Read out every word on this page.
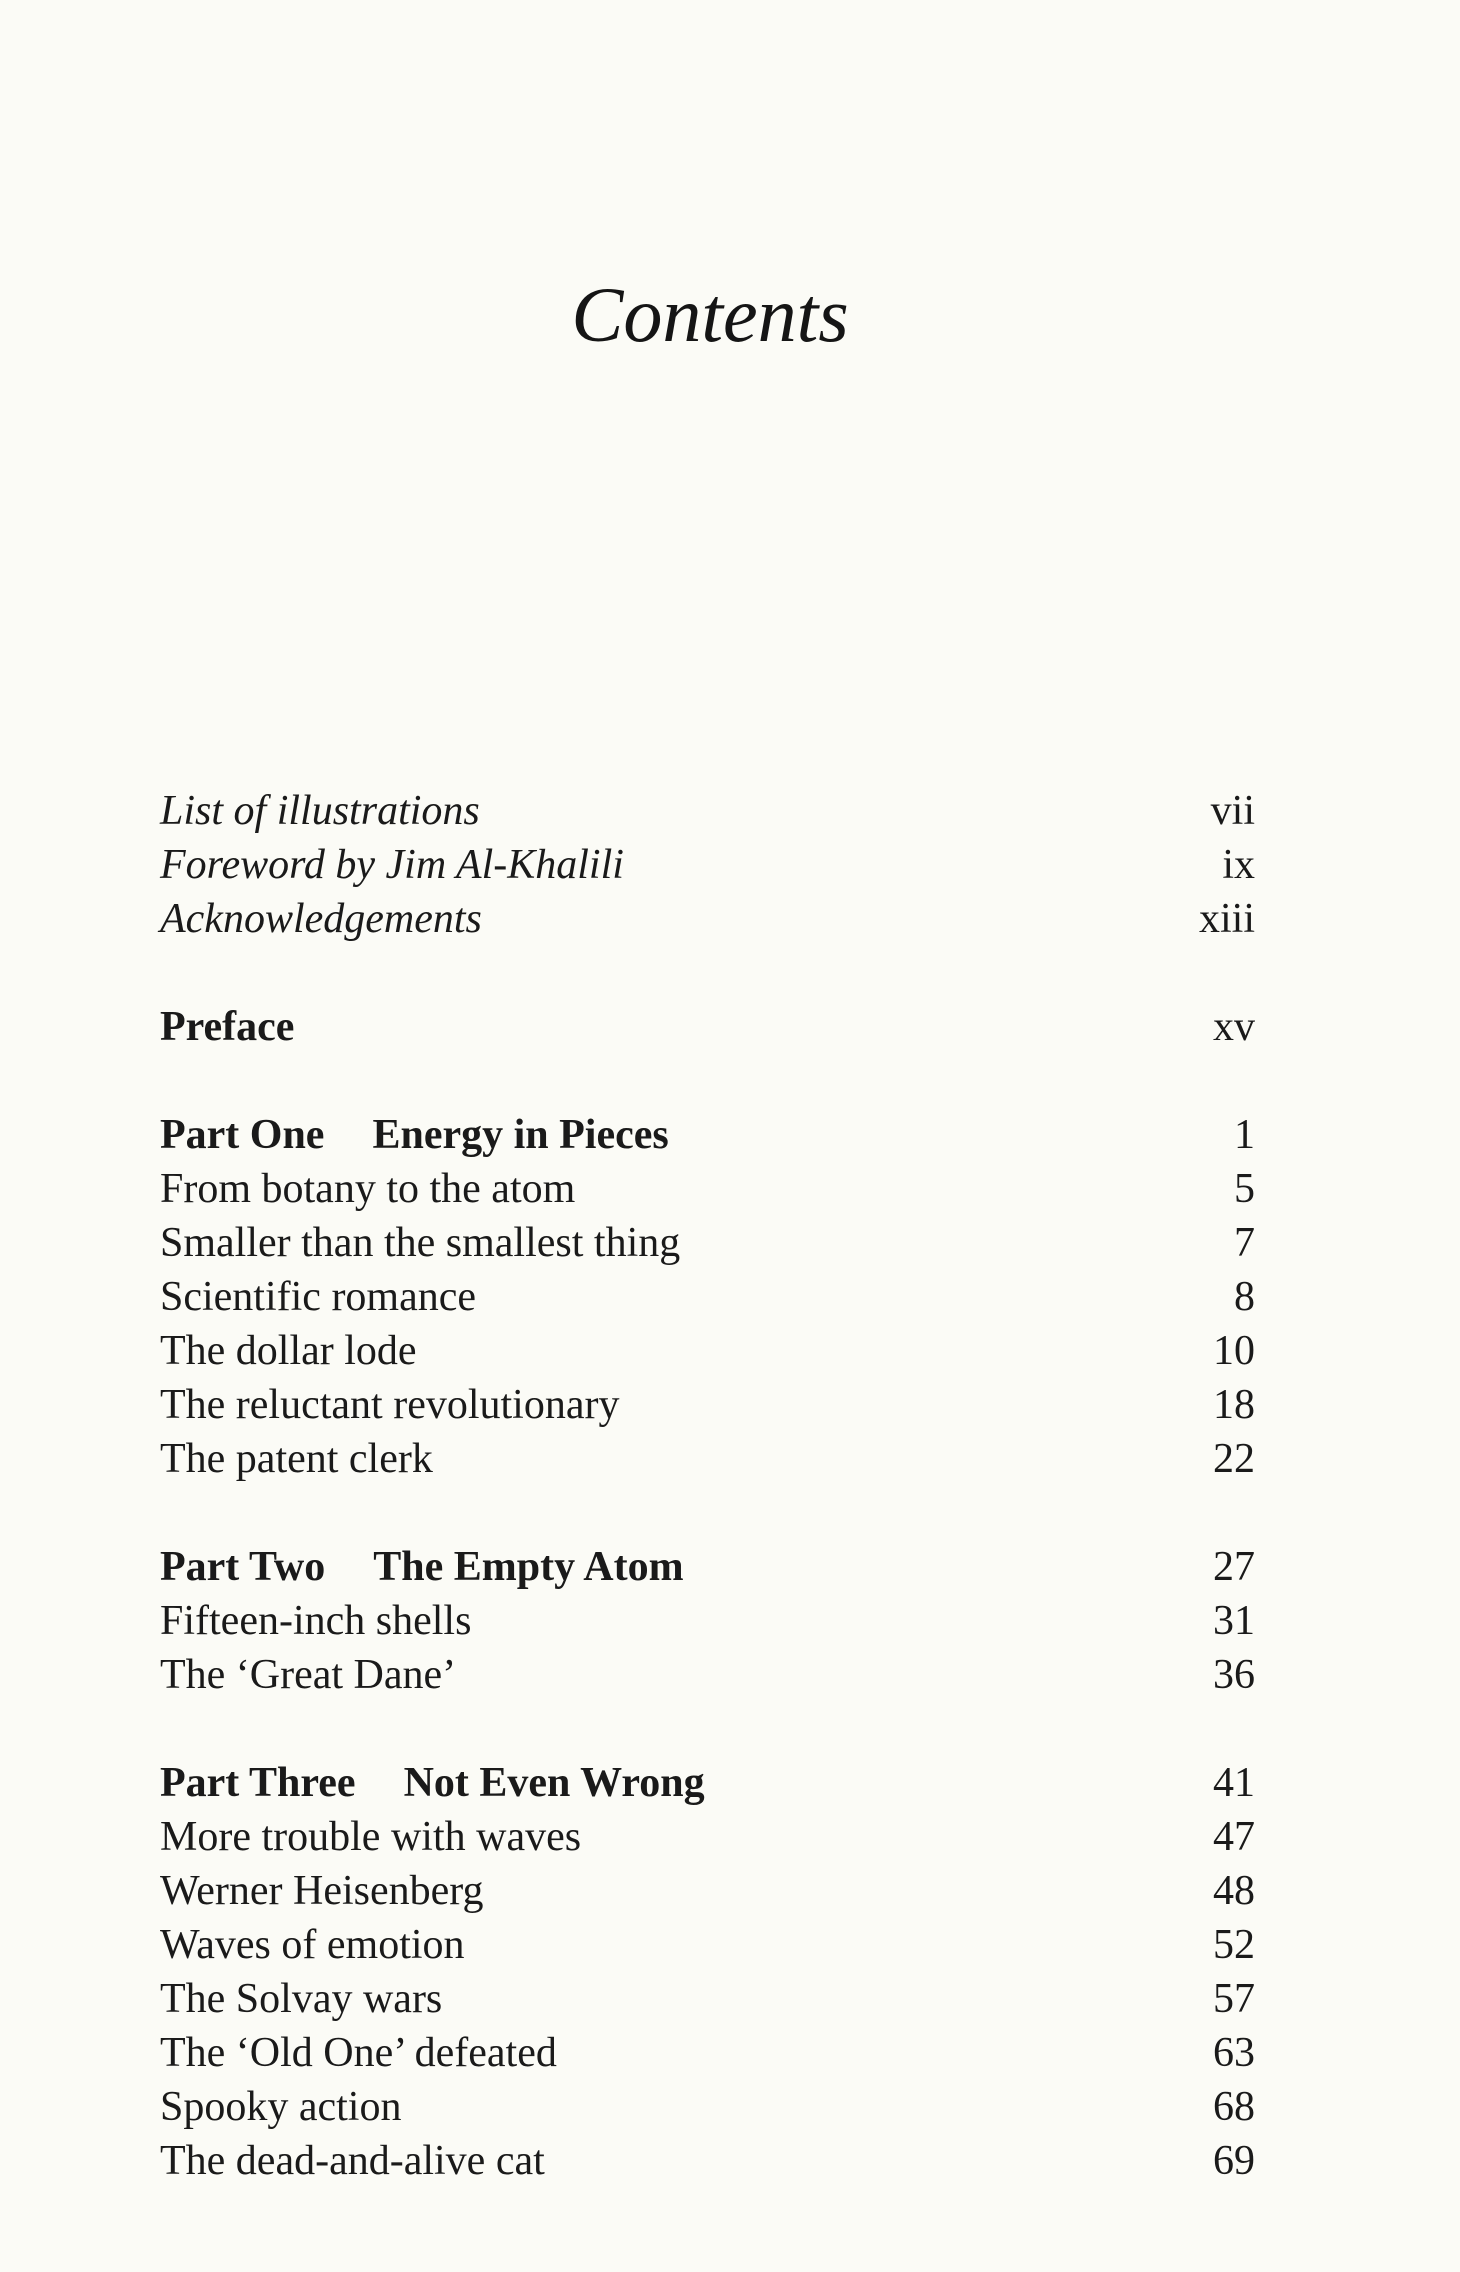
Contents
List of illustrations	vii
Foreword by Jim Al-Khalili	ix
Acknowledgements	xiii
Preface	xv
Part One Energy in Pieces	1
From botany to the atom	5
Smaller than the smallest thing	7
Scientific romance	8
The dollar lode	10
The reluctant revolutionary	18
The patent clerk	22
Part Two The Empty Atom	27
Fifteen-inch shells	31
The ‘Great Dane’	36
Part Three Not Even Wrong	41
More trouble with waves	47
Werner Heisenberg	48
Waves of emotion	52
The Solvay wars	57
The ‘Old One’ defeated	63
Spooky action	68
The dead-and-alive cat	69
